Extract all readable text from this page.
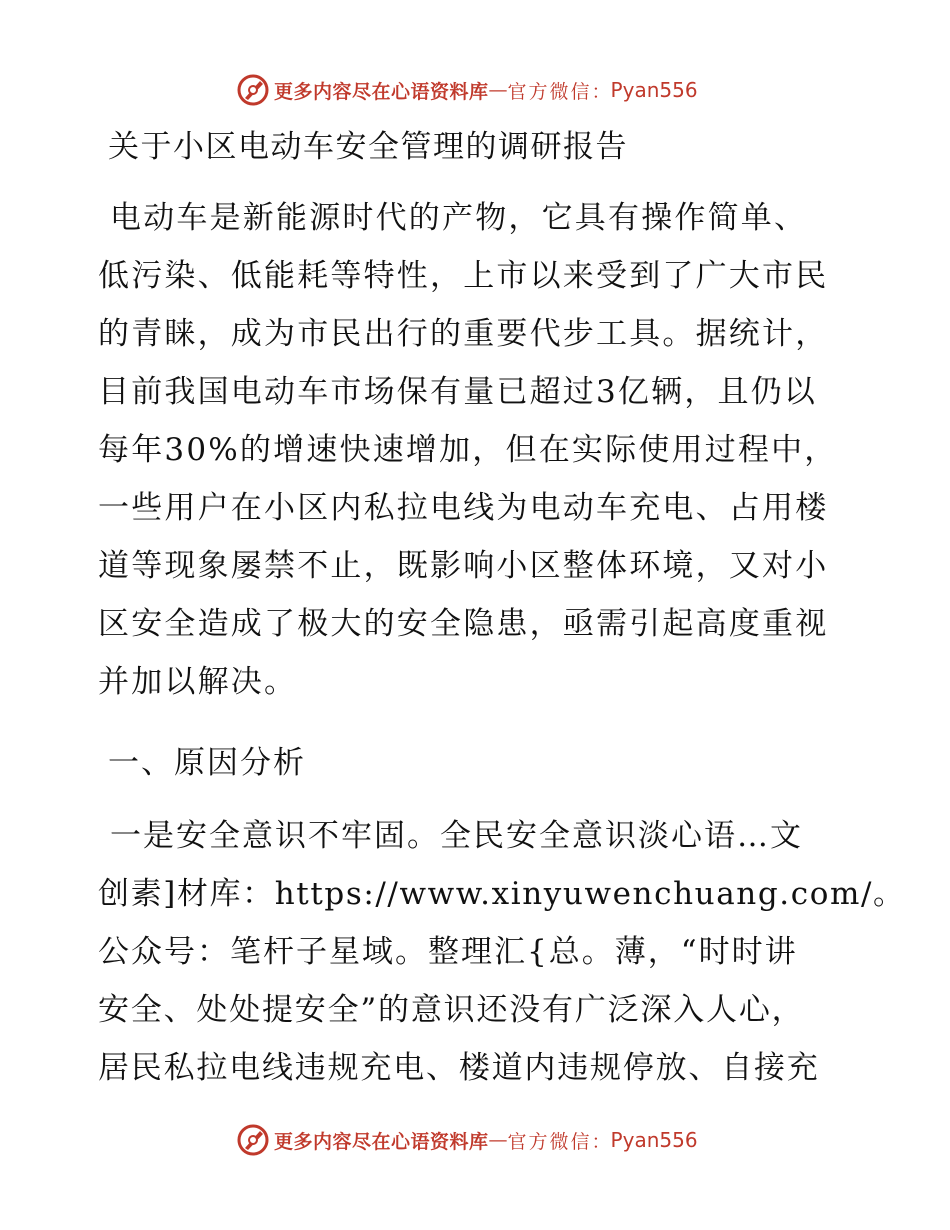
更多内容尽在心语资料库 — 官方微信 ： Pyan556
关于小区电动车安全管理的调研报告
电动车是新能源时代的产物，它具有操作简单、
低污染、低能耗等特性，上市以来受到了广大市民
的青睐，成为市民出行的重要代步工具。据统计，
目前我国电动车市场保有量已超过3亿辆，且仍以
每年30%的增速快速增加，但在实际使用过程中，
一些用户在小区内私拉电线为电动车充电、占用楼
道等现象屡禁不止，既影响小区整体环境，又对小
区安全造成了极大的安全隐患，亟需引起高度重视
并加以解决。
一、原因分析
一是安全意识不牢固。全民安全意识淡心语…文
创素]材库：https://www.xinyuwenchuang.com/。
公众号：笔杆子星域。整理汇{总。薄，“时时讲
安全、处处提安全”的意识还没有广泛深入人心，
居民私拉电线违规充电、楼道内违规停放、自接充
更多内容尽在心语资料库 — 官方微信 ： Pyan556
